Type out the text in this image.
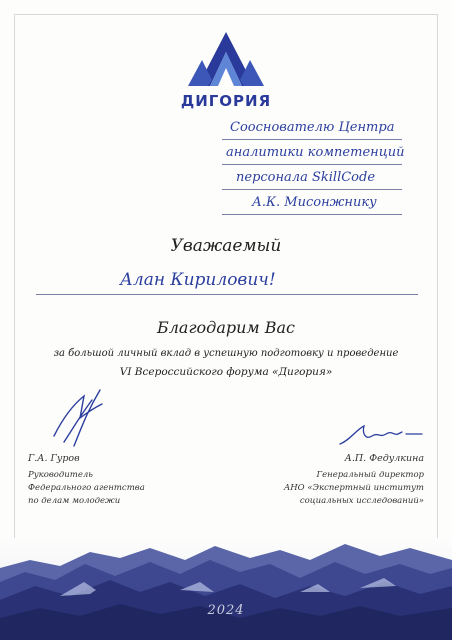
ДИГОРИЯ
Сооснователю Центра
аналитики компетенций
персонала SkillCode
А.К. Мисонжнику
Уважаемый
Алан Кирилович!
Благодарим Вас
за большой личный вклад в успешную подготовку и проведение
VI Всероссийского форума «Дигория»
Г.А. Гуров
Руководитель
Федерального агентства
по делам молодежи
А.П. Федулкина
Генеральный директор
АНО «Экспертный институт
социальных исследований»
2024
